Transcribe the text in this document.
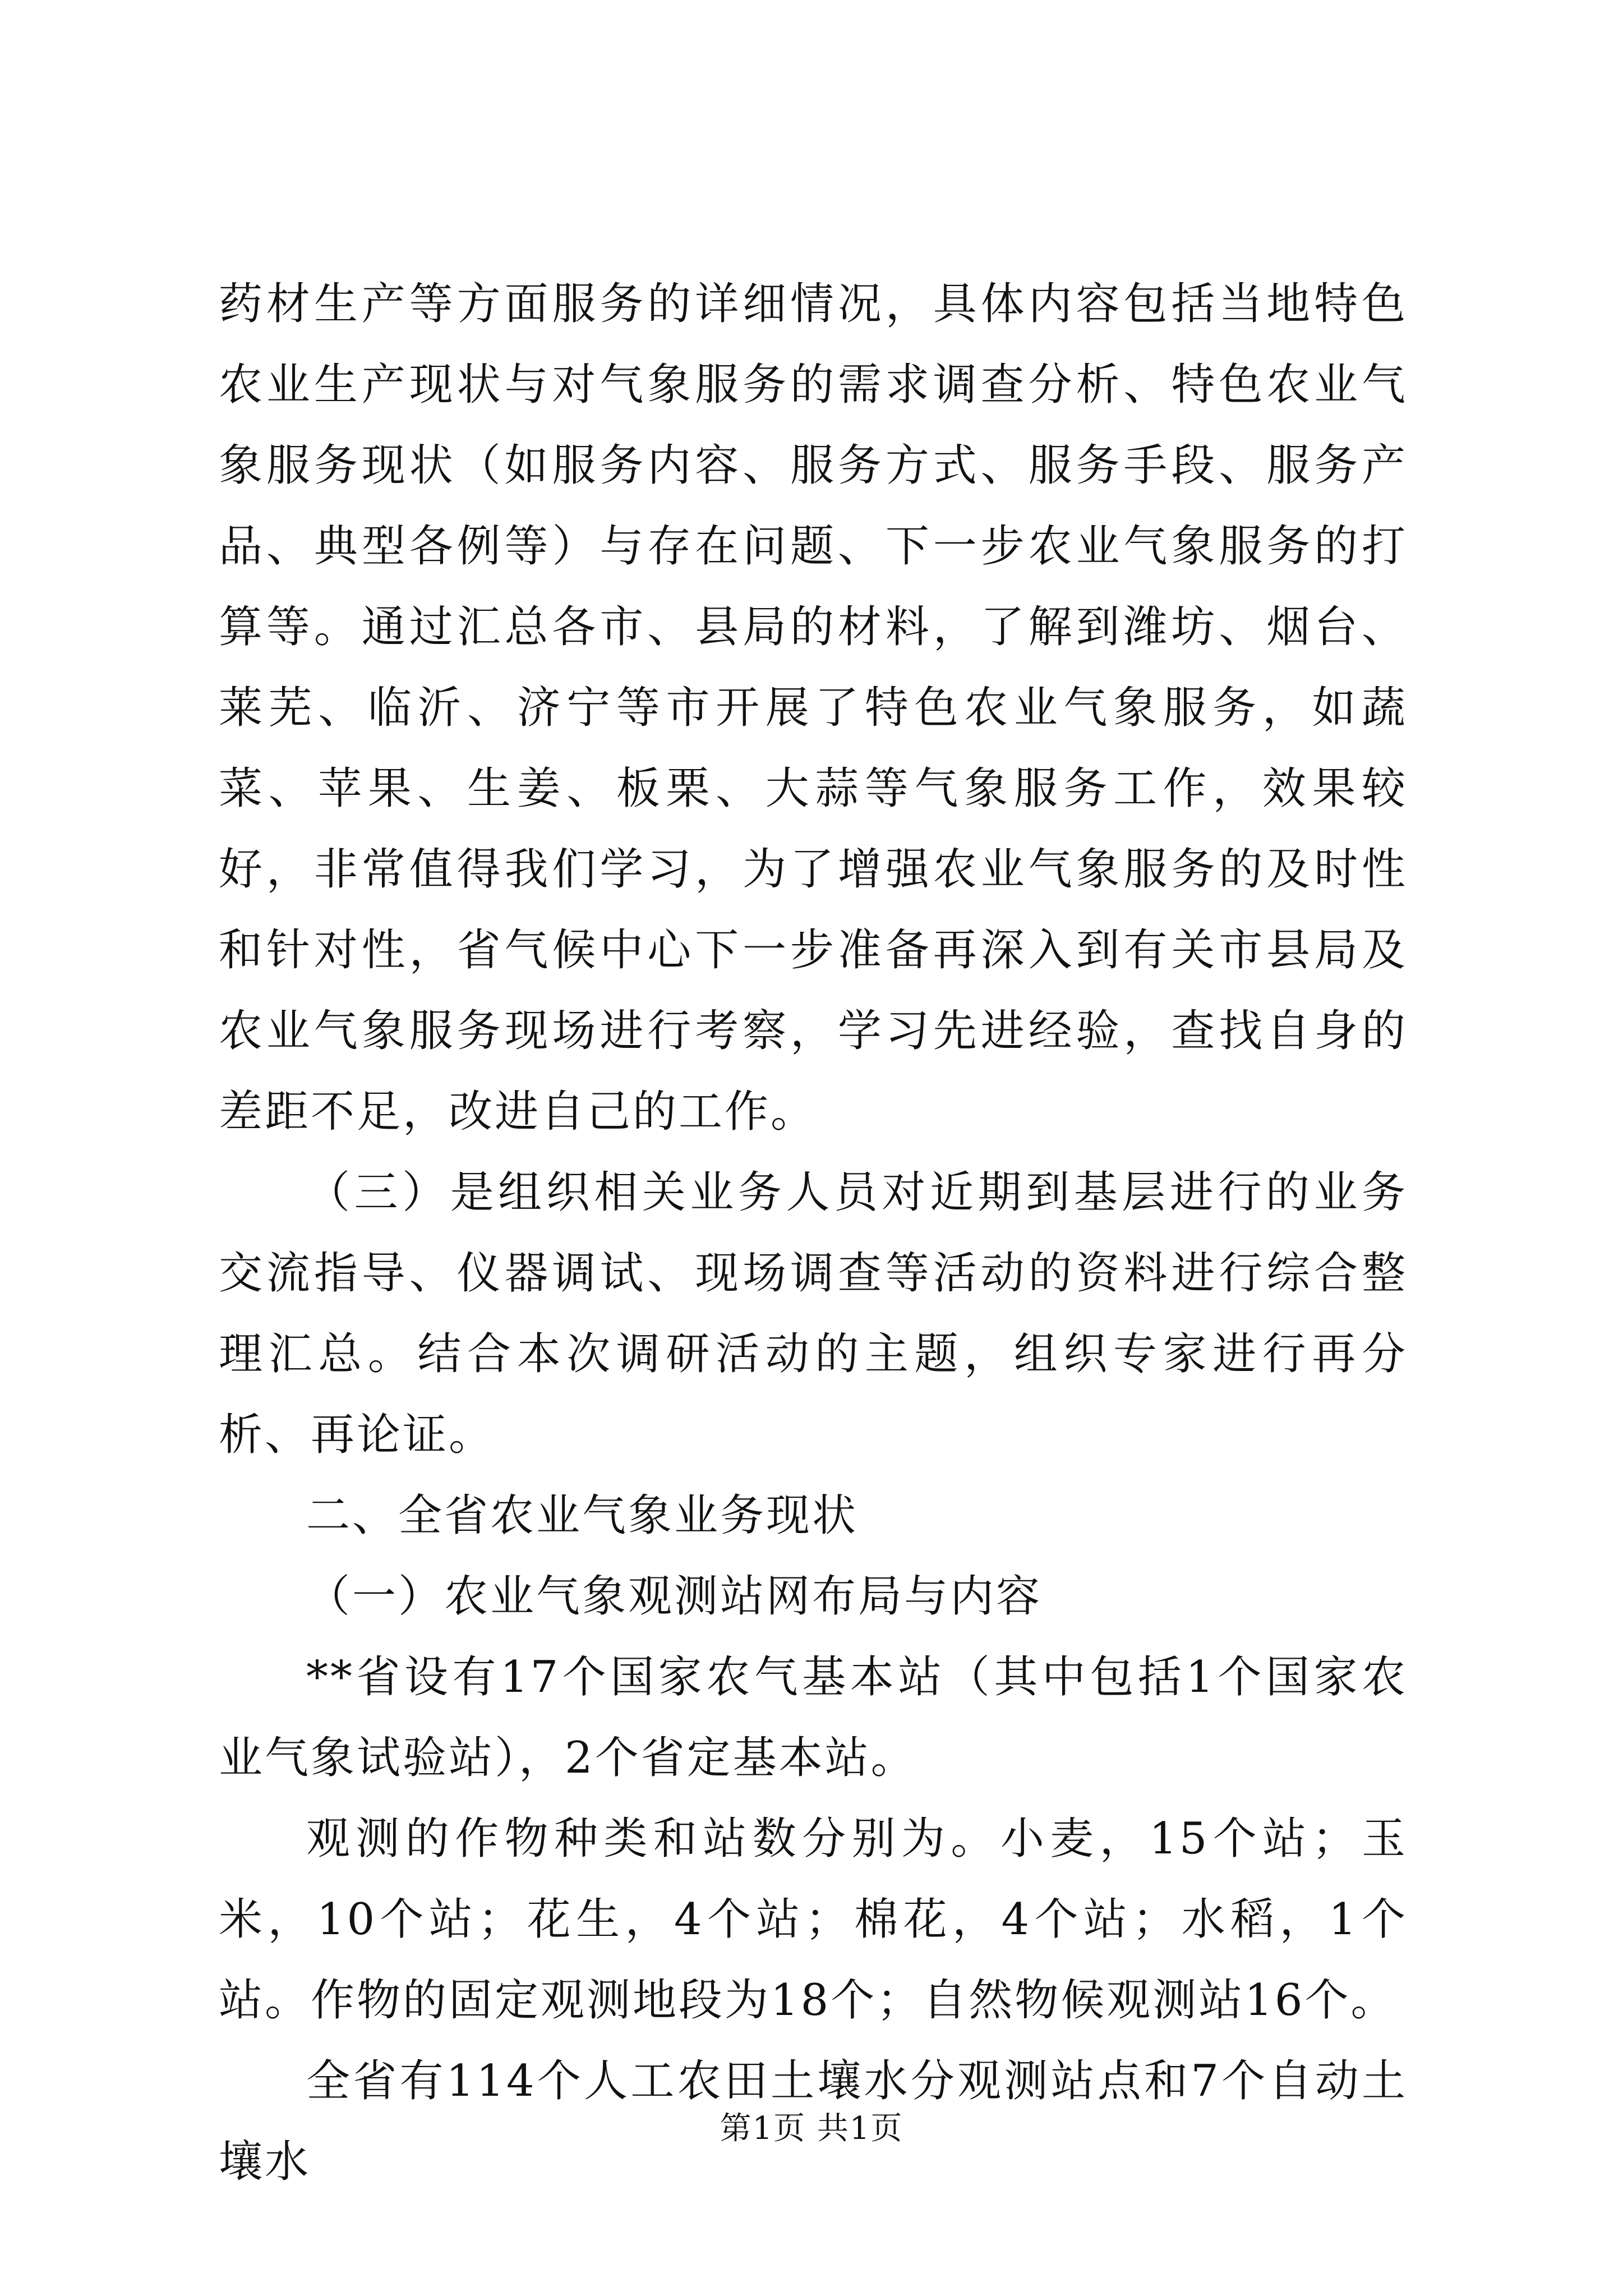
药材生产等方面服务的详细情况，具体内容包括当地特色农业生产现状与对气象服务的需求调查分析、特色农业气象服务现状（如服务内容、服务方式、服务手段、服务产品、典型各例等）与存在问题、下一步农业气象服务的打算等。通过汇总各市、县局的材料，了解到潍坊、烟台、莱芜、临沂、济宁等市开展了特色农业气象服务，如蔬菜、苹果、生姜、板栗、大蒜等气象服务工作，效果较好，非常值得我们学习，为了增强农业气象服务的及时性和针对性，省气候中心下一步准备再深入到有关市县局及农业气象服务现场进行考察，学习先进经验，查找自身的差距不足，改进自己的工作。

（三）是组织相关业务人员对近期到基层进行的业务交流指导、仪器调试、现场调查等活动的资料进行综合整理汇总。结合本次调研活动的主题，组织专家进行再分析、再论证。

二、全省农业气象业务现状

（一）农业气象观测站网布局与内容

**省设有17个国家农气基本站（其中包括1个国家农业气象试验站），2个省定基本站。

观测的作物种类和站数分别为。小麦，15个站；玉米，10个站；花生，4个站；棉花，4个站；水稻，1个站。作物的固定观测地段为18个；自然物候观测站16个。

全省有114个人工农田土壤水分观测站点和7个自动土壤水

第1页 共1页
